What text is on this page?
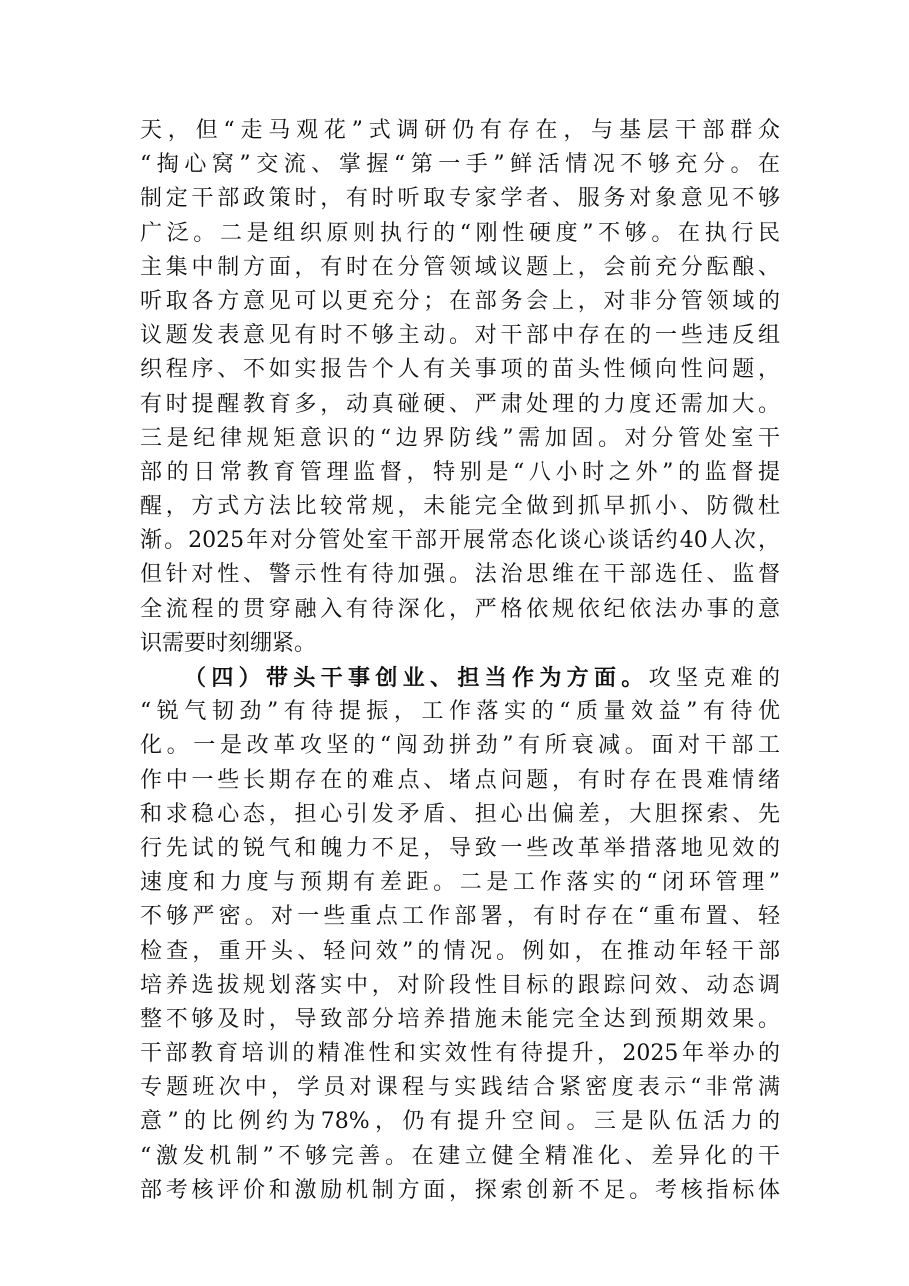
天，但“走马观花”式调研仍有存在，与基层干部群众
“掏心窝”交流、掌握“第一手”鲜活情况不够充分。在
制定干部政策时，有时听取专家学者、服务对象意见不够
广泛。二是组织原则执行的“刚性硬度”不够。在执行民
主集中制方面，有时在分管领域议题上，会前充分酝酿、
听取各方意见可以更充分；在部务会上，对非分管领域的
议题发表意见有时不够主动。对干部中存在的一些违反组
织程序、不如实报告个人有关事项的苗头性倾向性问题，
有时提醒教育多，动真碰硬、严肃处理的力度还需加大。
三是纪律规矩意识的“边界防线”需加固。对分管处室干
部的日常教育管理监督，特别是“八小时之外”的监督提
醒，方式方法比较常规，未能完全做到抓早抓小、防微杜
渐。2025年对分管处室干部开展常态化谈心谈话约40人次，
但针对性、警示性有待加强。法治思维在干部选任、监督
全流程的贯穿融入有待深化，严格依规依纪依法办事的意
识需要时刻绷紧。
（四）带头干事创业、担当作为方面。攻坚克难的
“锐气韧劲”有待提振，工作落实的“质量效益”有待优
化。一是改革攻坚的“闯劲拼劲”有所衰减。面对干部工
作中一些长期存在的难点、堵点问题，有时存在畏难情绪
和求稳心态，担心引发矛盾、担心出偏差，大胆探索、先
行先试的锐气和魄力不足，导致一些改革举措落地见效的
速度和力度与预期有差距。二是工作落实的“闭环管理”
不够严密。对一些重点工作部署，有时存在“重布置、轻
检查，重开头、轻问效”的情况。例如，在推动年轻干部
培养选拔规划落实中，对阶段性目标的跟踪问效、动态调
整不够及时，导致部分培养措施未能完全达到预期效果。
干部教育培训的精准性和实效性有待提升，2025年举办的
专题班次中，学员对课程与实践结合紧密度表示“非常满
意”的比例约为78%，仍有提升空间。三是队伍活力的
“激发机制”不够完善。在建立健全精准化、差异化的干
部考核评价和激励机制方面，探索创新不足。考核指标体
